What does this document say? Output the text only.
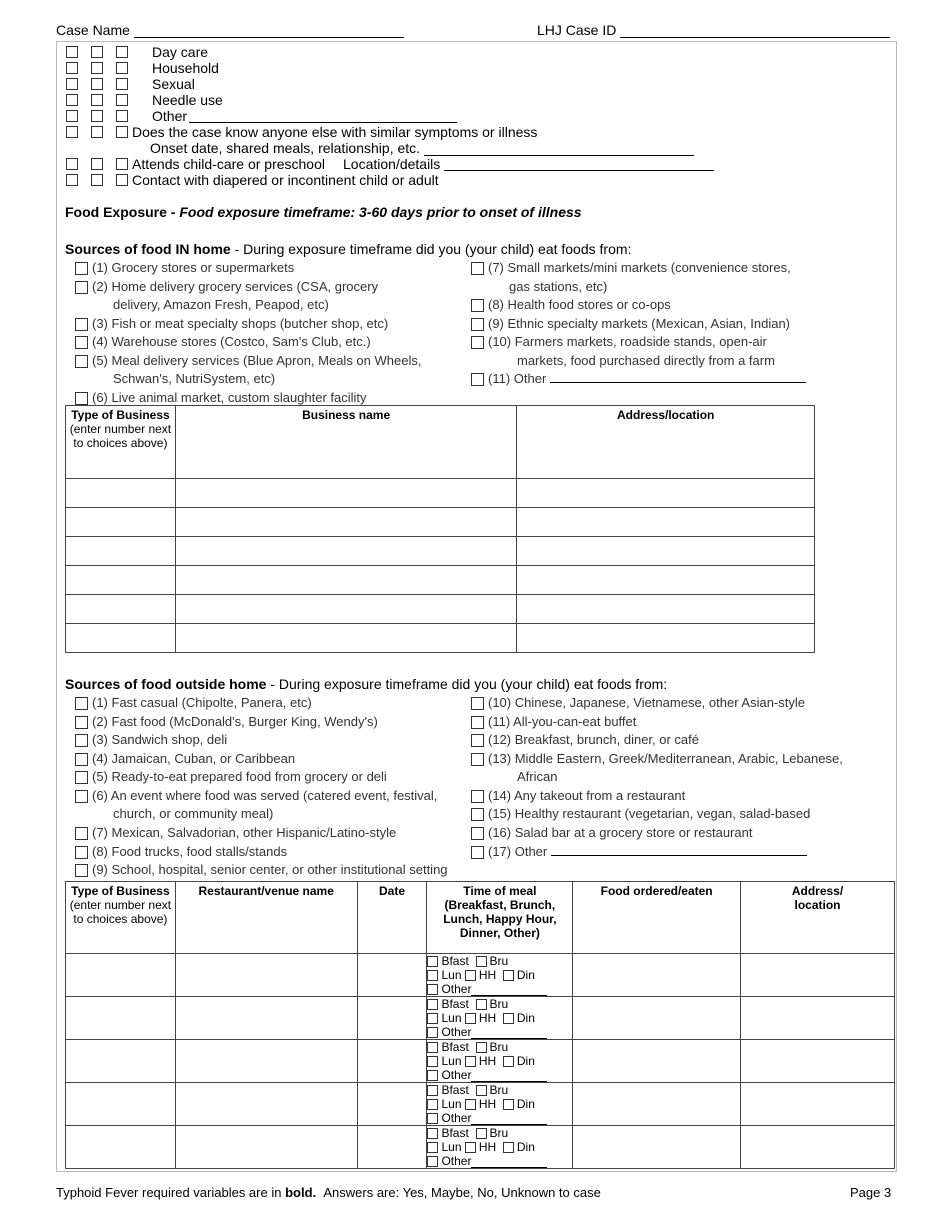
Case Name	LHJ Case ID
Day care
Household
Sexual
Needle use
Other
Does the case know anyone else with similar symptoms or illness
Onset date, shared meals, relationship, etc.
Attends child-care or preschool Location/details
Contact with diapered or incontinent child or adult
Food Exposure - Food exposure timeframe: 3-60 days prior to onset of illness
Sources of food IN home - During exposure timeframe did you (your child) eat foods from:
(1) Grocery stores or supermarkets
(2) Home delivery grocery services (CSA, grocery
delivery, Amazon Fresh, Peapod, etc)
(3) Fish or meat specialty shops (butcher shop, etc)
(4) Warehouse stores (Costco, Sam's Club, etc.)
(5) Meal delivery services (Blue Apron, Meals on Wheels,
Schwan's, NutriSystem, etc)
(6) Live animal market, custom slaughter facility
(7) Small markets/mini markets (convenience stores,
gas stations, etc)
(8) Health food stores or co-ops
(9) Ethnic specialty markets (Mexican, Asian, Indian)
(10) Farmers markets, roadside stands, open-air
markets, food purchased directly from a farm
(11) Other
Type of Business
(enter number next to choices above)	Business name	Address/location

Sources of food outside home - During exposure timeframe did you (your child) eat foods from:
(1) Fast casual (Chipolte, Panera, etc)
(2) Fast food (McDonald's, Burger King, Wendy's)
(3) Sandwich shop, deli
(4) Jamaican, Cuban, or Caribbean
(5) Ready-to-eat prepared food from grocery or deli
(6) An event where food was served (catered event, festival,
church, or community meal)
(7) Mexican, Salvadorian, other Hispanic/Latino-style
(8) Food trucks, food stalls/stands
(9) School, hospital, senior center, or other institutional setting
(10) Chinese, Japanese, Vietnamese, other Asian-style
(11) All-you-can-eat buffet
(12) Breakfast, brunch, diner, or café
(13) Middle Eastern, Greek/Mediterranean, Arabic, Lebanese,
African
(14) Any takeout from a restaurant
(15) Healthy restaurant (vegetarian, vegan, salad-based
(16) Salad bar at a grocery store or restaurant
(17) Other
Type of Business
(enter number next to choices above)	Restaurant/venue name	Date	Time of meal (Breakfast, Brunch, Lunch, Happy Hour, Dinner, Other)	Food ordered/eaten	Address/ location

			Bfast Bru
Lun HH Din
Other		

			Bfast Bru
Lun HH Din
Other		

			Bfast Bru
Lun HH Din
Other		

			Bfast Bru
Lun HH Din
Other		

			Bfast Bru
Lun HH Din
Other		

Typhoid Fever required variables are in bold. Answers are: Yes, Maybe, No, Unknown to case	Page 3
